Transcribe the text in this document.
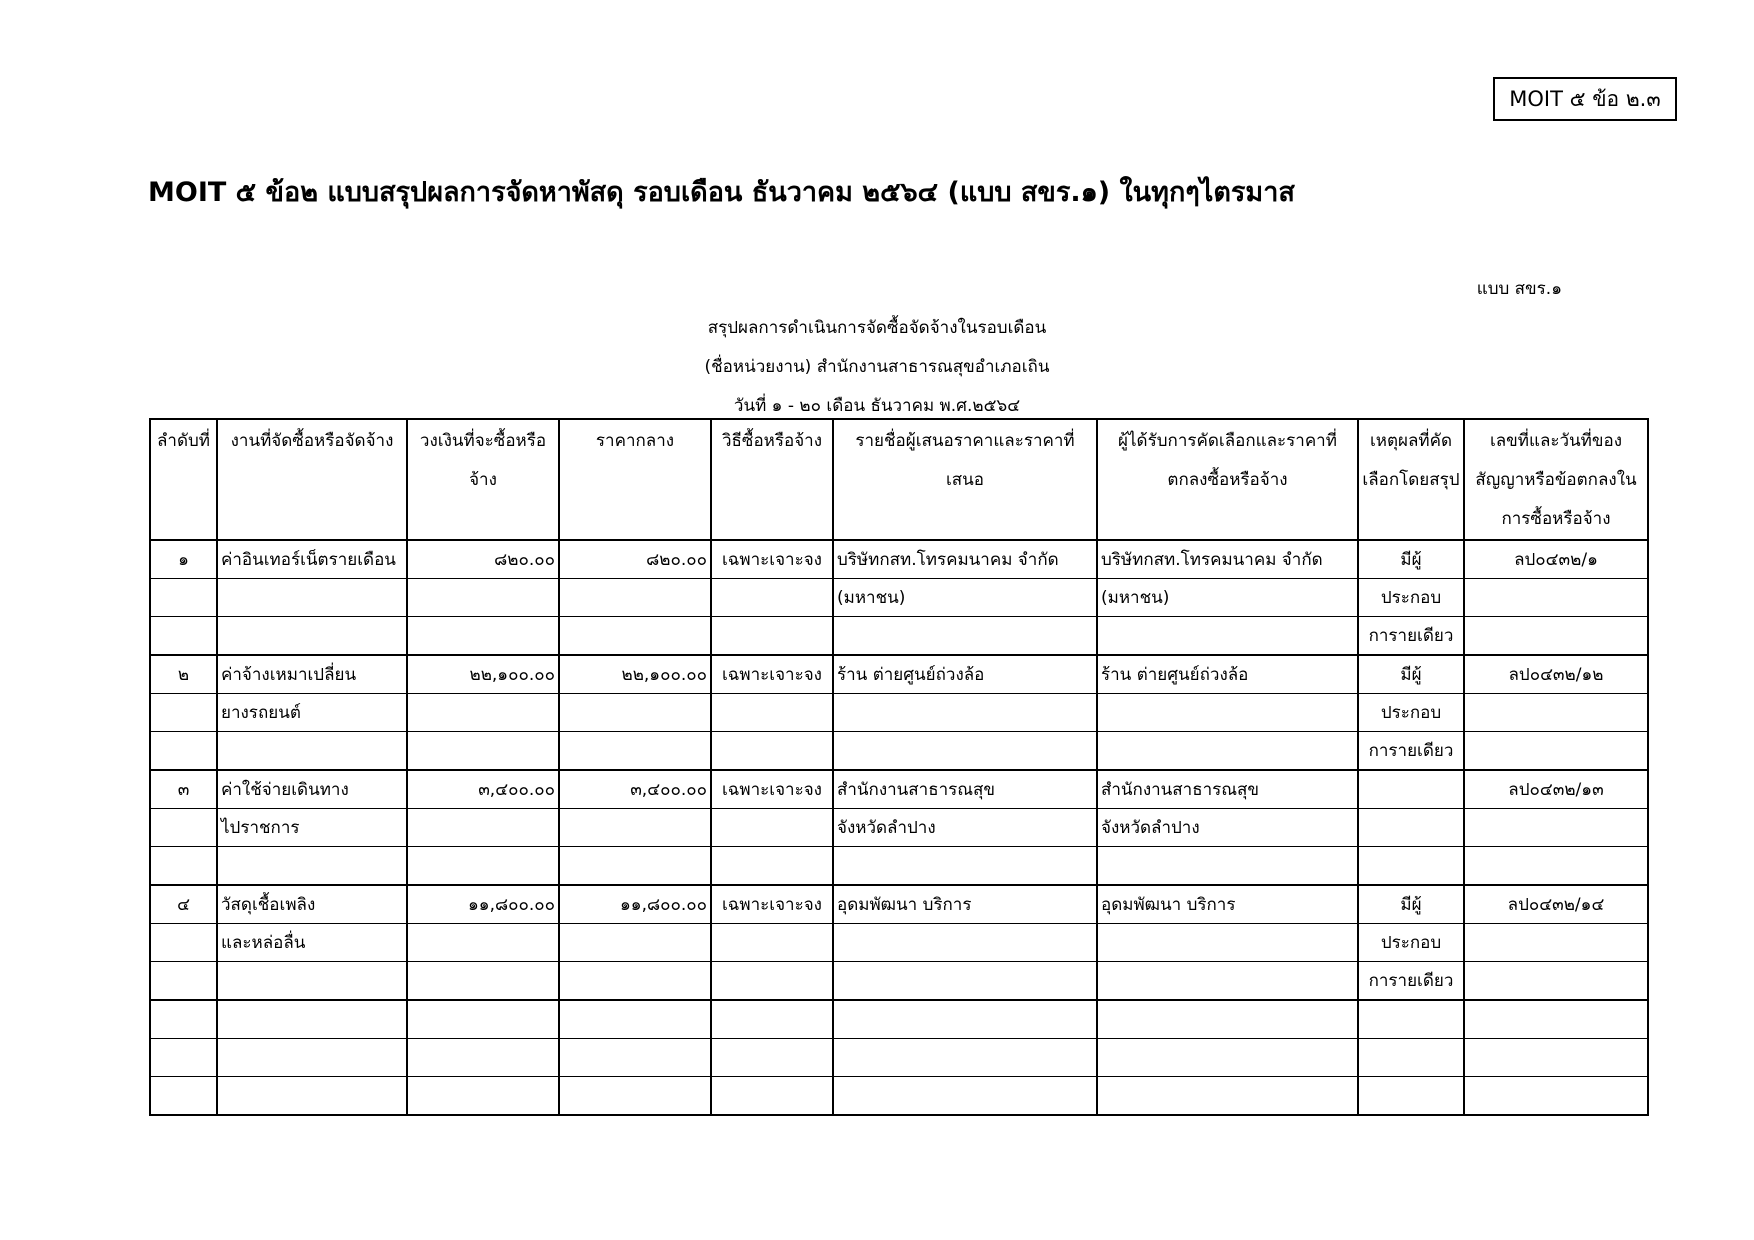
MOIT ๕ ข้อ ๒.๓
MOIT ๕ ข้อ๒ แบบสรุปผลการจัดหาพัสดุ รอบเดือน ธันวาคม ๒๕๖๔ (แบบ สขร.๑) ในทุกๆไตรมาส
แบบ สขร.๑
สรุปผลการดำเนินการจัดซื้อจัดจ้างในรอบเดือน
(ชื่อหน่วยงาน) สำนักงานสาธารณสุขอำเภอเถิน
วันที่ ๑ - ๒๐ เดือน ธันวาคม พ.ศ.๒๕๖๔
ลำดับที่	งานที่จัดซื้อหรือจัดจ้าง	วงเงินที่จะซื้อหรือจ้าง	ราคากลาง	วิธีซื้อหรือจ้าง	รายชื่อผู้เสนอราคาและราคาที่เสนอ	ผู้ได้รับการคัดเลือกและราคาที่ตกลงซื้อหรือจ้าง	เหตุผลที่คัดเลือกโดยสรุป	เลขที่และวันที่ของสัญญาหรือข้อตกลงในการซื้อหรือจ้าง
๑	ค่าอินเทอร์เน็ตรายเดือน	๘๒๐.๐๐	๘๒๐.๐๐	เฉพาะเจาะจง	บริษัทกสท.โทรคมนาคม จำกัด	บริษัทกสท.โทรคมนาคม จำกัด	มีผู้	ลป๐๔๓๒/๑
					(มหาชน)	(มหาชน)	ประกอบ	
							การายเดียว	
๒	ค่าจ้างเหมาเปลี่ยน	๒๒,๑๐๐.๐๐	๒๒,๑๐๐.๐๐	เฉพาะเจาะจง	ร้าน ต่ายศูนย์ถ่วงล้อ	ร้าน ต่ายศูนย์ถ่วงล้อ	มีผู้	ลป๐๔๓๒/๑๒
	ยางรถยนต์						ประกอบ	
							การายเดียว	
๓	ค่าใช้จ่ายเดินทาง	๓,๔๐๐.๐๐	๓,๔๐๐.๐๐	เฉพาะเจาะจง	สำนักงานสาธารณสุข	สำนักงานสาธารณสุข		ลป๐๔๓๒/๑๓
	ไปราชการ				จังหวัดลำปาง	จังหวัดลำปาง		

๔	วัสดุเชื้อเพลิง	๑๑,๘๐๐.๐๐	๑๑,๘๐๐.๐๐	เฉพาะเจาะจง	อุดมพัฒนา บริการ	อุดมพัฒนา บริการ	มีผู้	ลป๐๔๓๒/๑๔
	และหล่อลื่น						ประกอบ	
							การายเดียว	
